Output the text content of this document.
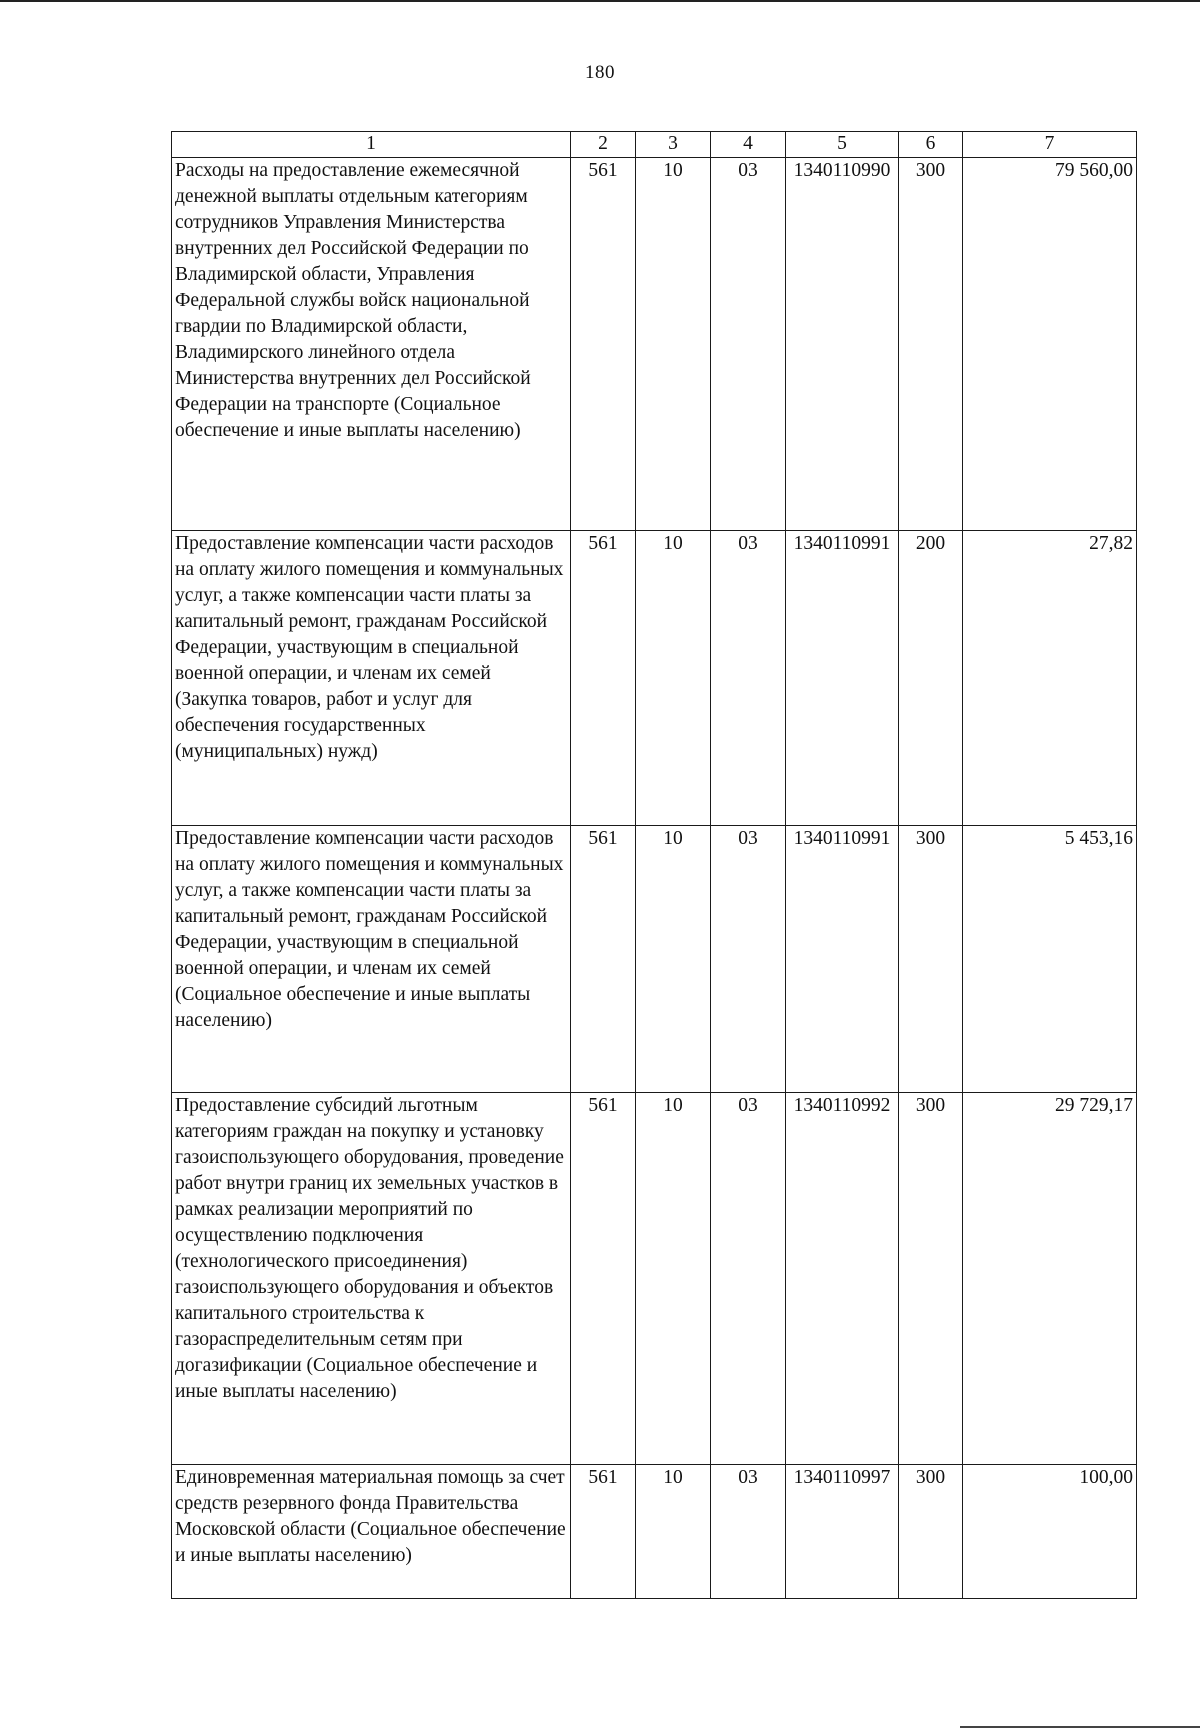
180
1	2	3	4	5	6	7
Расходы на предоставление ежемесячной денежной выплаты отдельным категориям сотрудников Управления Министерства внутренних дел Российской Федерации по Владимирской области, Управления Федеральной службы войск национальной гвардии по Владимирской области, Владимирского линейного отдела Министерства внутренних дел Российской Федерации на транспорте (Социальное обеспечение и иные выплаты населению)	561	10	03	1340110990	300	79 560,00
Предоставление компенсации части расходов на оплату жилого помещения и коммунальных услуг, а также компенсации части платы за капитальный ремонт, гражданам Российской Федерации, участвующим в специальной военной операции, и членам их семей (Закупка товаров, работ и услуг для обеспечения государственных (муниципальных) нужд)	561	10	03	1340110991	200	27,82
Предоставление компенсации части расходов на оплату жилого помещения и коммунальных услуг, а также компенсации части платы за капитальный ремонт, гражданам Российской Федерации, участвующим в специальной военной операции, и членам их семей (Социальное обеспечение и иные выплаты населению)	561	10	03	1340110991	300	5 453,16
Предоставление субсидий льготным категориям граждан на покупку и установку газоиспользующего оборудования, проведение работ внутри границ их земельных участков в рамках реализации мероприятий по осуществлению подключения (технологического присоединения) газоиспользующего оборудования и объектов капитального строительства к газораспределительным сетям при догазификации (Социальное обеспечение и иные выплаты населению)	561	10	03	1340110992	300	29 729,17
Единовременная материальная помощь за счет средств резервного фонда Правительства Московской области (Социальное обеспечение и иные выплаты населению)	561	10	03	1340110997	300	100,00
